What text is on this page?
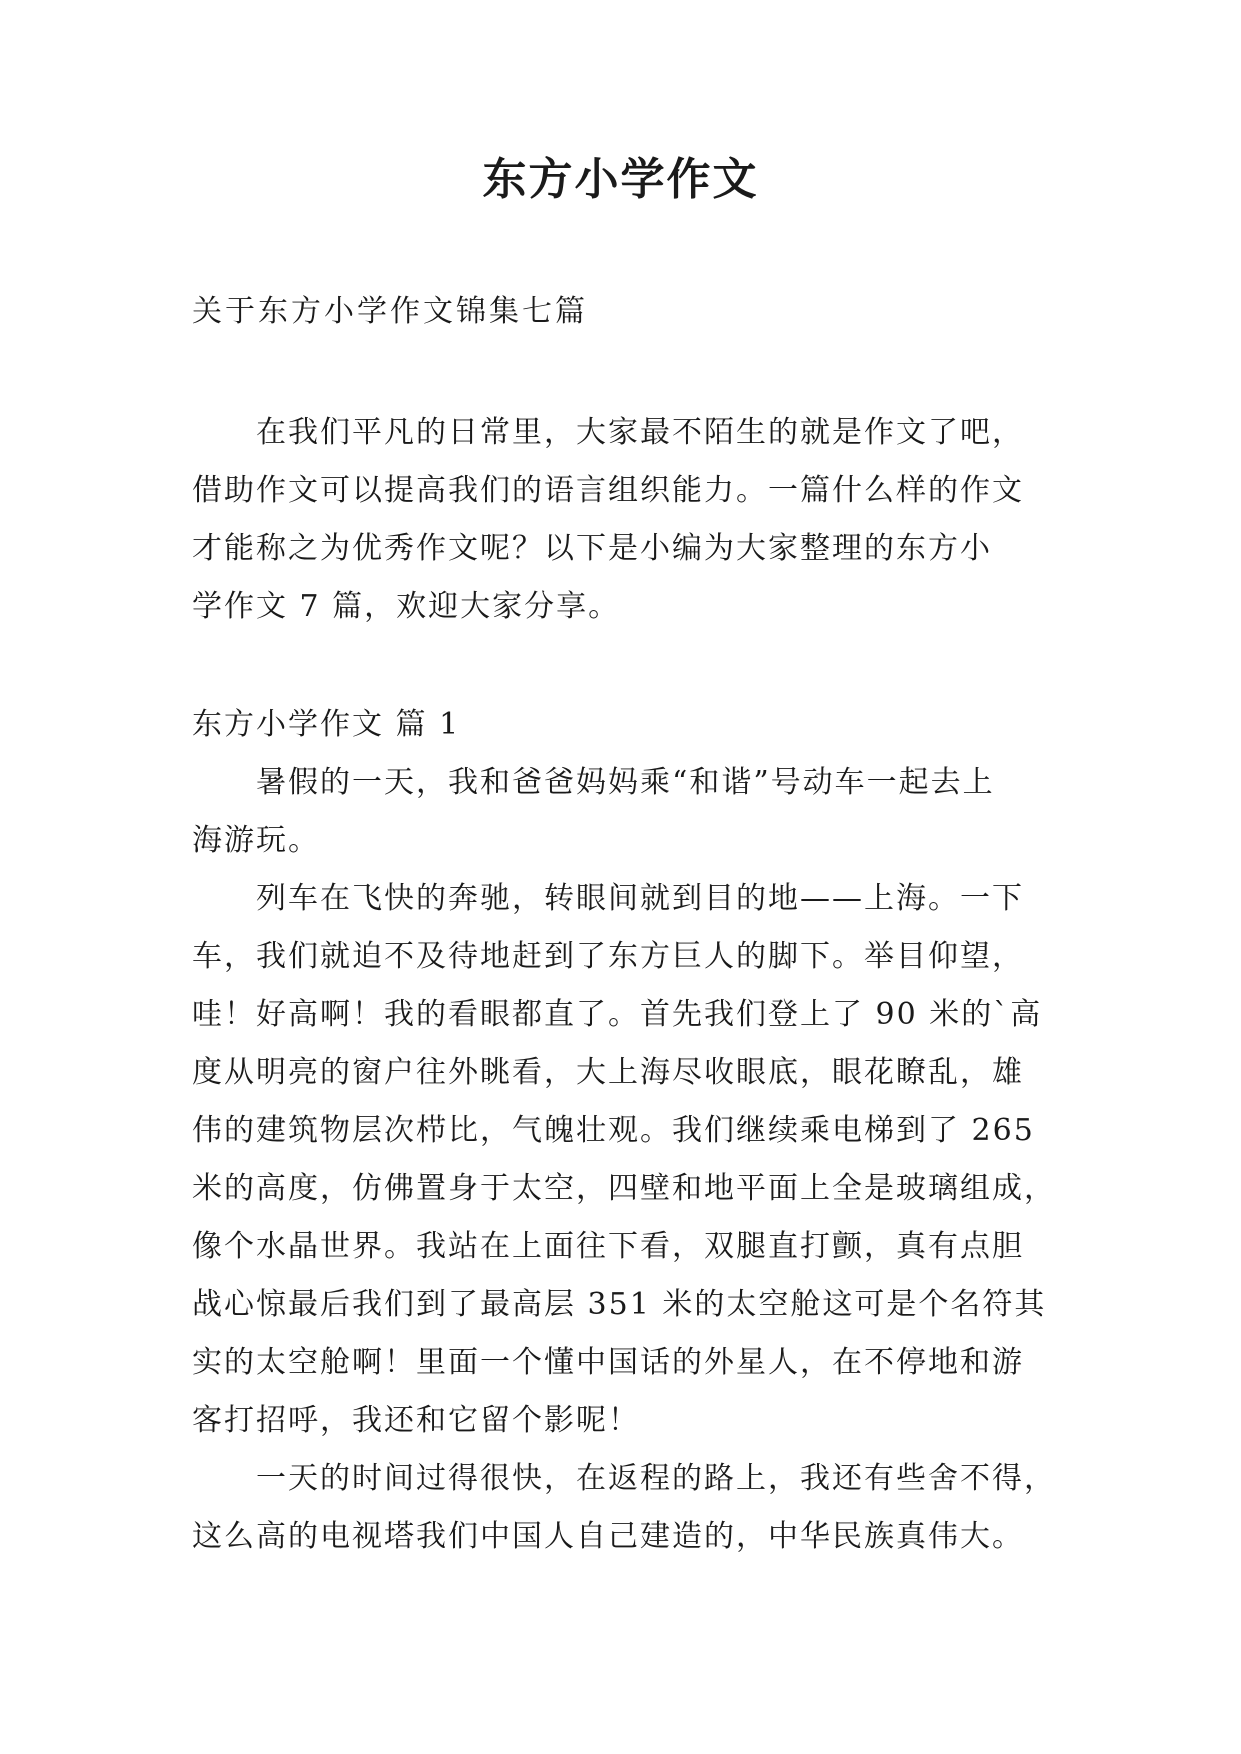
东方小学作文
关于东方小学作文锦集七篇
在我们平凡的日常里，大家最不陌生的就是作文了吧，
借助作文可以提高我们的语言组织能力。一篇什么样的作文
才能称之为优秀作文呢？以下是小编为大家整理的东方小
学作文 7 篇，欢迎大家分享。
东方小学作文 篇 1
暑假的一天，我和爸爸妈妈乘“和谐”号动车一起去上
海游玩。
列车在飞快的奔驰，转眼间就到目的地——上海。一下
车，我们就迫不及待地赶到了东方巨人的脚下。举目仰望，
哇！好高啊！我的看眼都直了。首先我们登上了 90 米的`高
度从明亮的窗户往外眺看，大上海尽收眼底，眼花瞭乱，雄
伟的建筑物层次栉比，气魄壮观。我们继续乘电梯到了 265
米的高度，仿佛置身于太空，四壁和地平面上全是玻璃组成，
像个水晶世界。我站在上面往下看，双腿直打颤，真有点胆
战心惊最后我们到了最高层 351 米的太空舱这可是个名符其
实的太空舱啊！里面一个懂中国话的外星人，在不停地和游
客打招呼，我还和它留个影呢！
一天的时间过得很快，在返程的路上，我还有些舍不得，
这么高的电视塔我们中国人自己建造的，中华民族真伟大。
